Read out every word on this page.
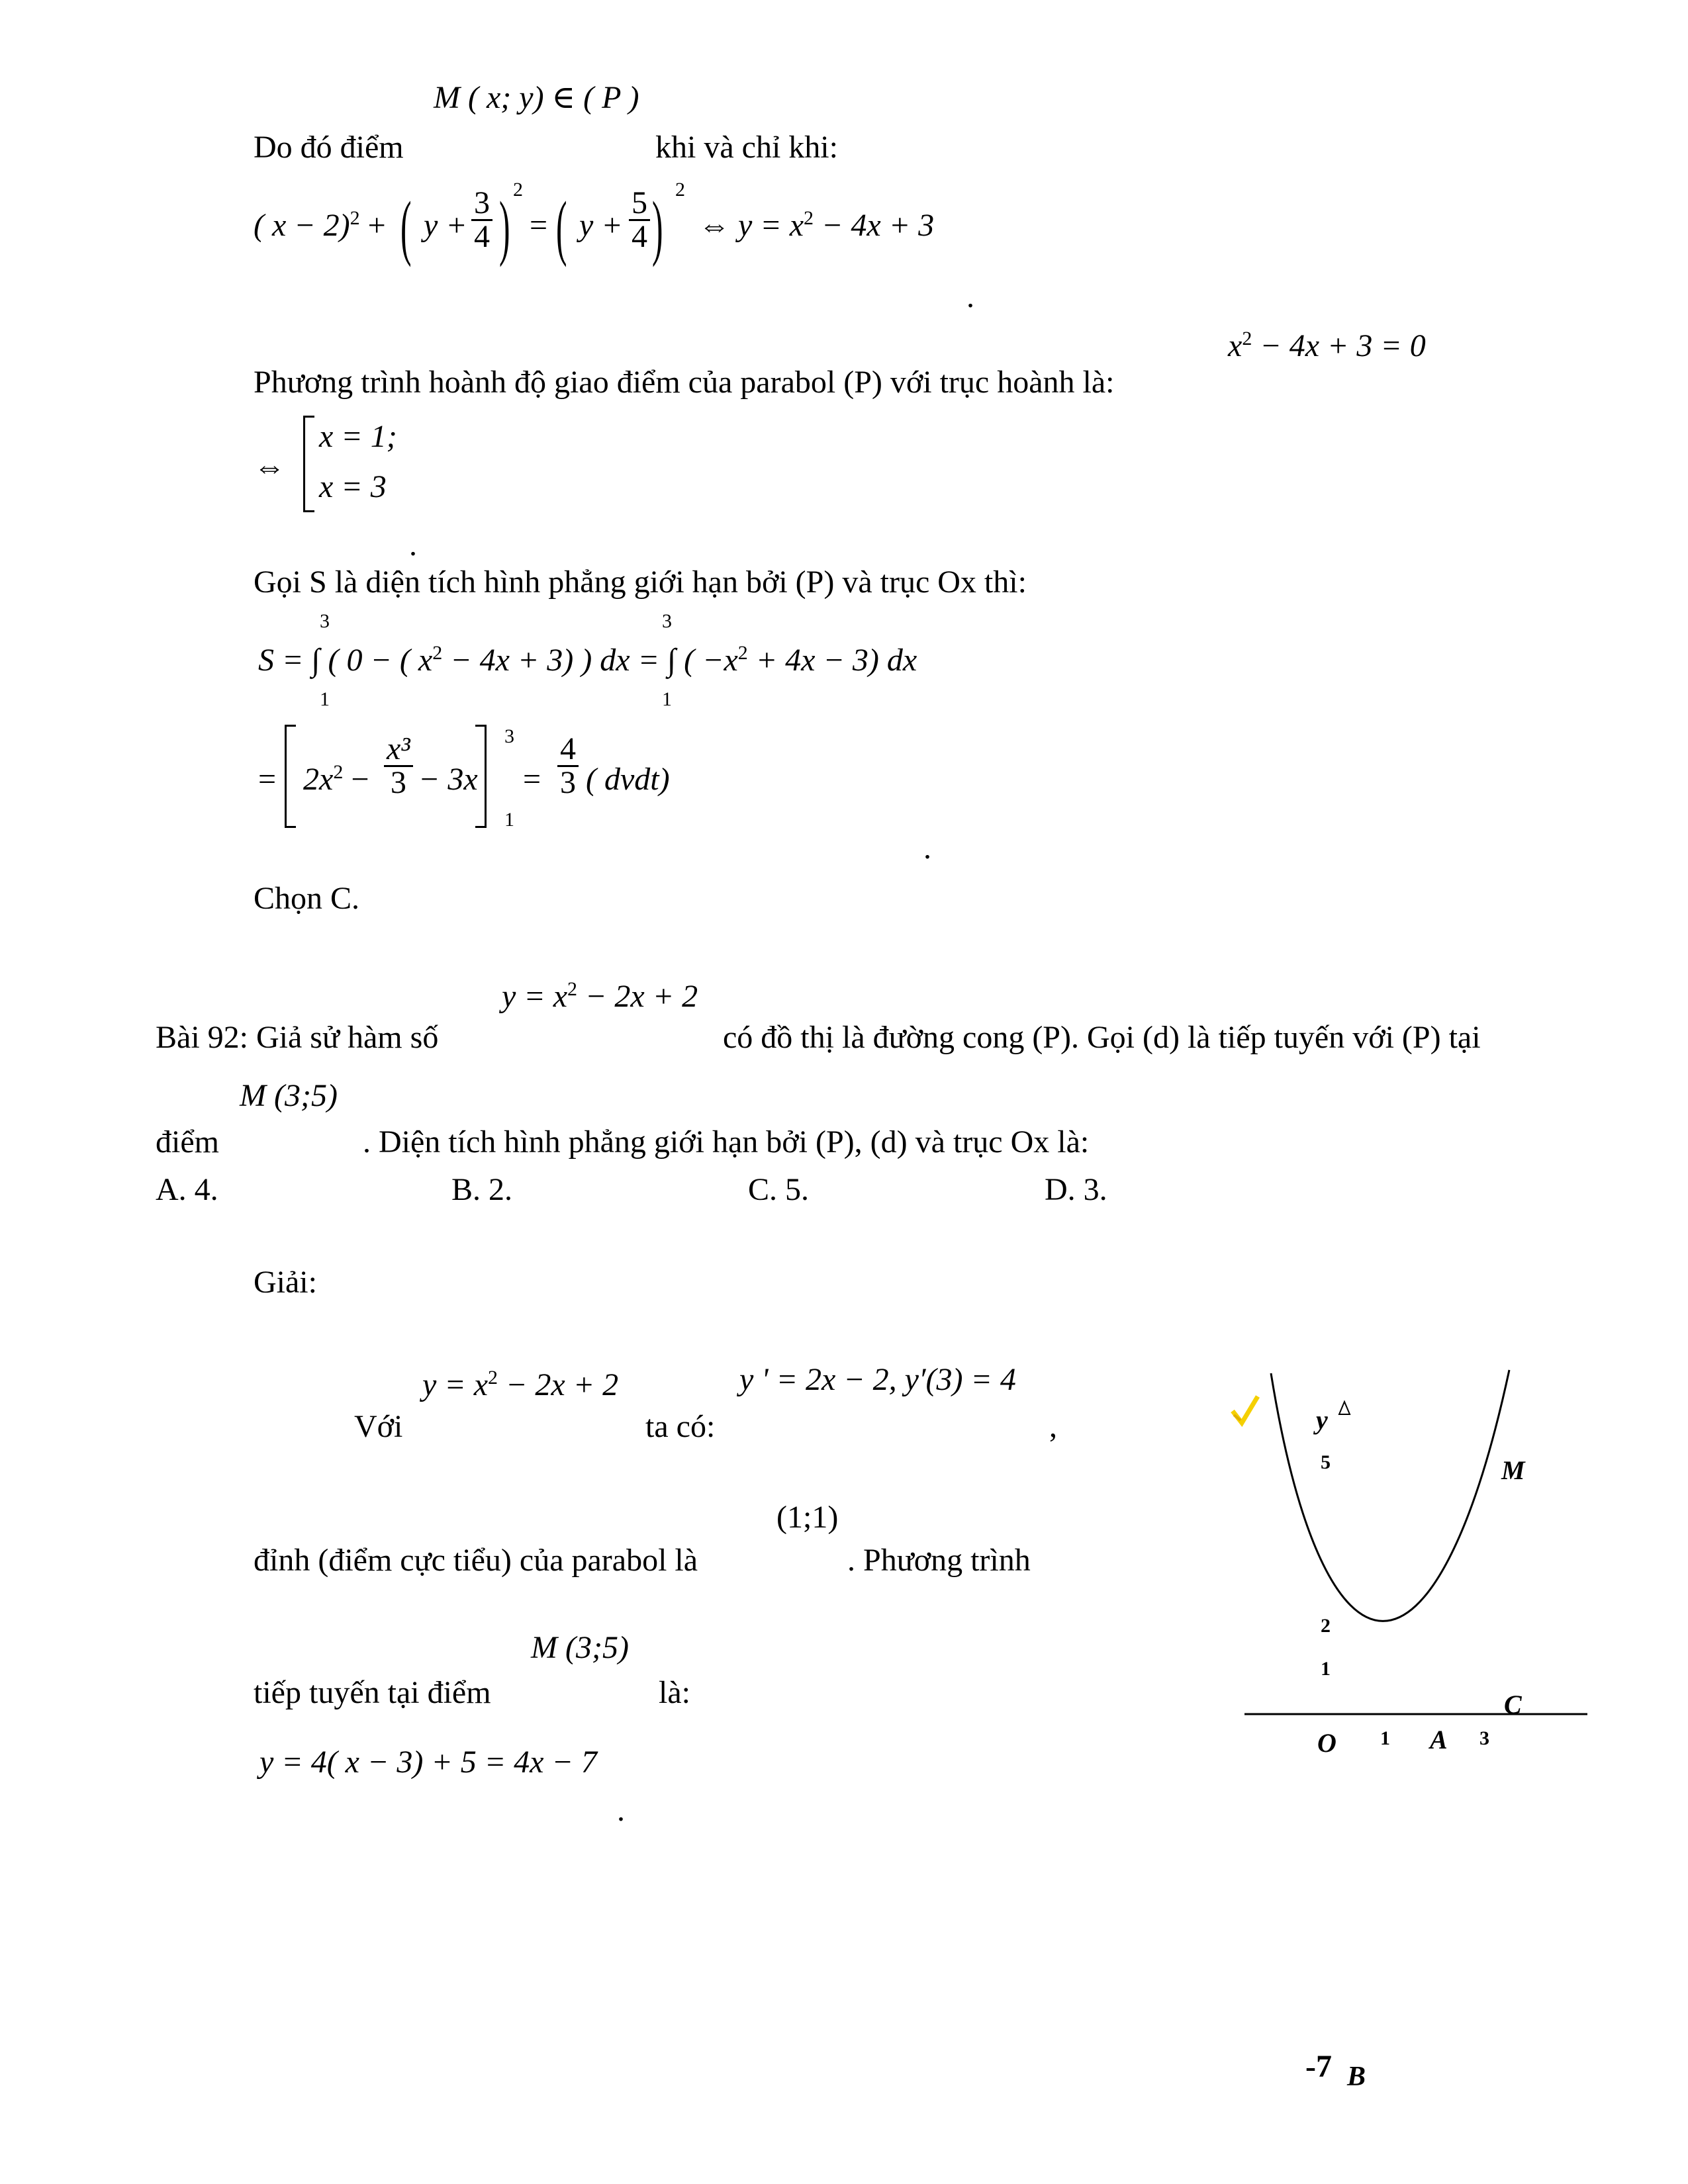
M ( x; y) ∈ ( P )
Do đó điểm	khi và chỉ khi:
( x − 2)$^2$ + ( $y + \frac{3}{4}$ ) 2
= ( $y + \frac{5}{4}$ ) 2
⇔ $y = x^2 - 4x + 3$
.
$x^2 - 4x + 3 = 0$
Phương trình hoành độ giao điểm của parabol (P) với trục hoành là:
⇔
x = 1;
x = 3
.
Gọi S là diện tích hình phẳng giới hạn bởi (P) và trục Ox thì:
3
1
3
1
S = ∫ ( 0 − ( $x^2 - 4x + 3$) ) dx = ∫ ( $-x^2 + 4x - 3$) dx
= $2x^2 - \frac{\text{x³}}{3} - 3x$
3
1
= $\frac{4}{3}$ ( dvdt)
.
Chọn C.
$y = x^2 - 2x + 2$
Bài 92: Giả sử hàm số	có đồ thị là đường cong (P). Gọi (d) là tiếp tuyến với (P) tại
M (3;5)
điểm	. Diện tích hình phẳng giới hạn bởi (P), (d) và trục Ox là:
A. 4.	B. 2.	C. 5.	D. 3.
Giải:
$y = x^2 - 2x + 2$	y ' = 2x − 2, y′(3) = 4
Với	ta có:	,
(1;1)
đỉnh (điểm cực tiểu) của parabol là	. Phương trình
M (3;5)
tiếp tuyến tại điểm	là:
y = 4( x − 3) + 5 = 4x − 7
.
y
5	M
2
1
C
O 1 A 3
-7 B
